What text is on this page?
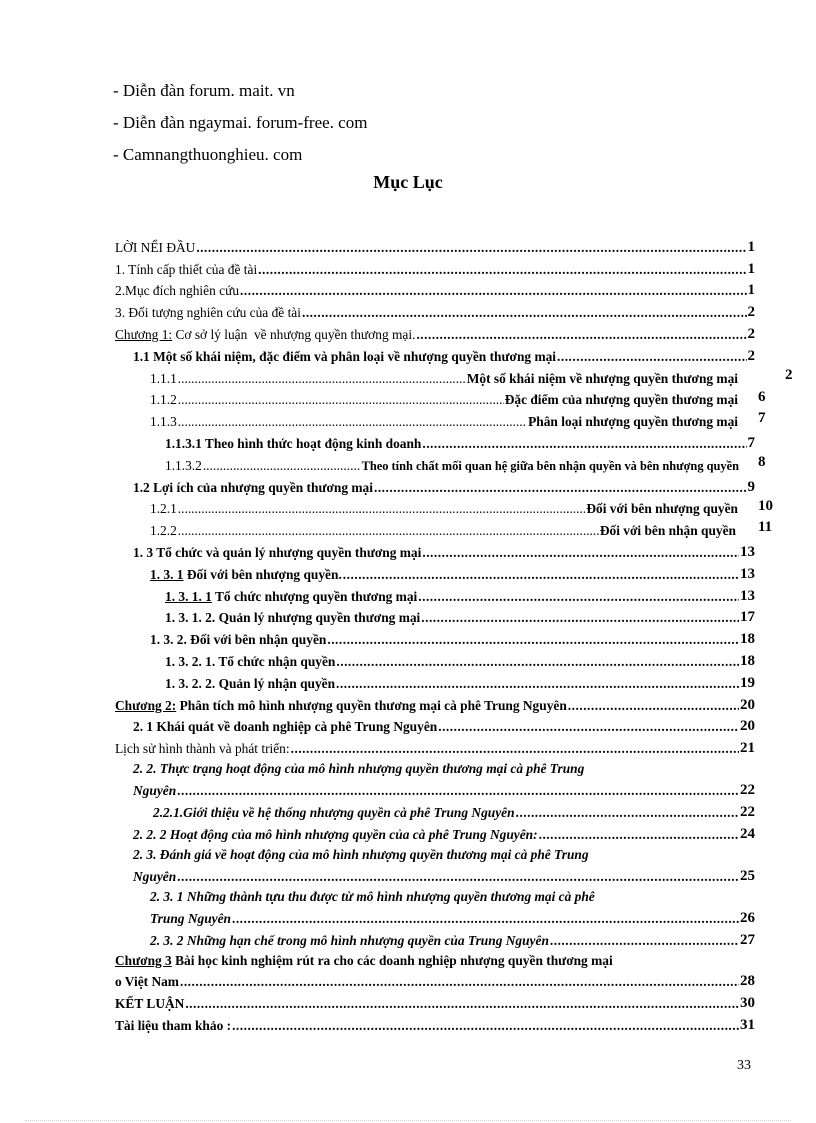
- Diễn đàn forum. mait. vn
- Diễn đàn ngaymai. forum-free. com
- Camnangthuonghieu. com
Mục Lục
LỜI NỂI ĐẦU .....	1
1. Tính cấp thiết của đề tài .....	1
2.Mục đích nghiên cứu .....	1
3. Đối tượng nghiên cứu của đề tài .....	2
Chương 1: Cơ sở lý luận  về nhượng quyền thương mại. .....	2
1.1 Một số khái niệm, đặc điểm và phân loại về nhượng quyền thương mại .....	2
1.1.1 .....	Một số khái niệm về nhượng quyền thương mại	2
1.1.2 .....	Đặc điểm của nhượng quyền thương mại 6
1.1.3 .....	Phân loại nhượng quyền thương mại 7
1.1.3.1 Theo hình thức hoạt động kinh doanh .....	7
1.1.3.2 .....	Theo tính chất mối quan hệ giữa bên nhận quyền và bên nhượng quyền 8
1.2 Lợi ích của nhượng quyền thương mại .....	9
1.2.1 .....	Đối với bên nhượng quyền 10
1.2.2 .....	Đối với bên nhận quyền 11
1. 3 Tổ chức và quản lý nhượng quyền thương mại .....	13
1. 3. 1 Đối với bên nhượng quyền. .....	13
1. 3. 1. 1 Tổ chức nhượng quyền thương mại .....	13
1. 3. 1. 2. Quản lý nhượng quyền thương mại .....	17
1. 3. 2. Đối với bên nhận quyền .....	18
1. 3. 2. 1. Tổ chức nhận quyền .....	18
1. 3. 2. 2. Quản lý nhận quyền .....	19
Chương 2: Phân tích mô hình nhượng quyền thương mại cà phê Trung Nguyên .....	20
2. 1 Khái quát về doanh nghiệp cà phê Trung Nguyên .....	20
Lịch sử hình thành và phát triển: .....	21
2. 2. Thực trạng hoạt động của mô hình nhượng quyền thương mại cà phê Trung
Nguyên .....	22
2.2.1.Giới thiệu về hệ thống nhượng quyền cà phê Trung Nguyên .....	22
2. 2. 2 Hoạt động của mô hình nhượng quyền của cà phê Trung Nguyên: .....	24
2. 3. Đánh giá về hoạt động của mô hình nhượng quyền thương mại cà phê Trung
Nguyên .....	25
2. 3. 1 Những thành tựu thu được từ mô hình nhượng quyền thương mại cà phê
Trung Nguyên .....	26
2. 3. 2 Những hạn chế trong mô hình nhượng quyền của Trung Nguyên .....	27
Chương 3 Bài học kinh nghiệm rút ra cho các doanh nghiệp nhượng quyền thương mại
o Việt Nam .....	28
KẾT LUẬN .....	30
Tài liệu tham khảo : .....	31
33
